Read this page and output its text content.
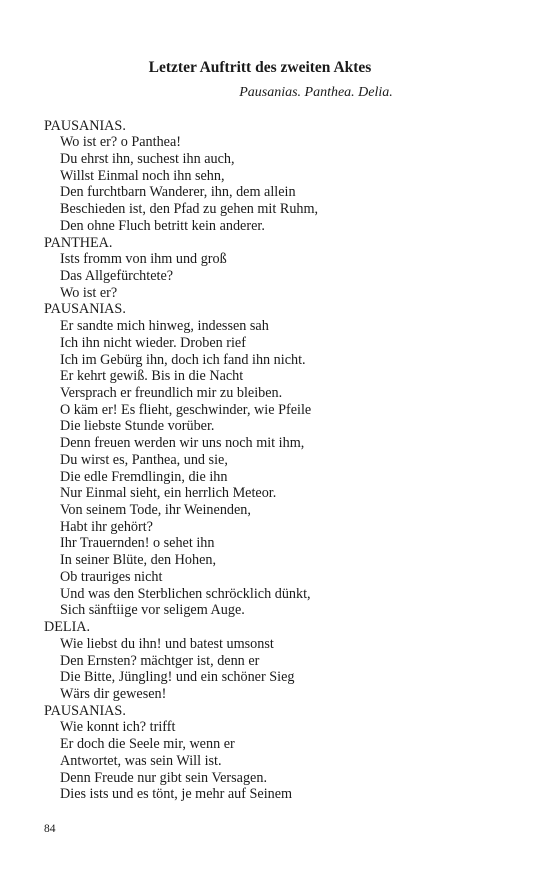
Letzter Auftritt des zweiten Aktes

Pausanias. Panthea. Delia.

PAUSANIAS.
Wo ist er? o Panthea!
Du ehrst ihn, suchest ihn auch,
Willst Einmal noch ihn sehn,
Den furchtbarn Wanderer, ihn, dem allein
Beschieden ist, den Pfad zu gehen mit Ruhm,
Den ohne Fluch betritt kein anderer.
PANTHEA.
Ists fromm von ihm und groß
Das Allgefürchtete?
Wo ist er?
PAUSANIAS.
Er sandte mich hinweg, indessen sah
Ich ihn nicht wieder. Droben rief
Ich im Gebürg ihn, doch ich fand ihn nicht.
Er kehrt gewiß. Bis in die Nacht
Versprach er freundlich mir zu bleiben.
O käm er! Es flieht, geschwinder, wie Pfeile
Die liebste Stunde vorüber.
Denn freuen werden wir uns noch mit ihm,
Du wirst es, Panthea, und sie,
Die edle Fremdlingin, die ihn
Nur Einmal sieht, ein herrlich Meteor.
Von seinem Tode, ihr Weinenden,
Habt ihr gehört?
Ihr Trauernden! o sehet ihn
In seiner Blüte, den Hohen,
Ob trauriges nicht
Und was den Sterblichen schröcklich dünkt,
Sich sänftiige vor seligem Auge.
DELIA.
Wie liebst du ihn! und batest umsonst
Den Ernsten? mächtger ist, denn er
Die Bitte, Jüngling! und ein schöner Sieg
Wärs dir gewesen!
PAUSANIAS.
Wie konnt ich? trifft
Er doch die Seele mir, wenn er
Antwortet, was sein Will ist.
Denn Freude nur gibt sein Versagen.
Dies ists und es tönt, je mehr auf Seinem
84
